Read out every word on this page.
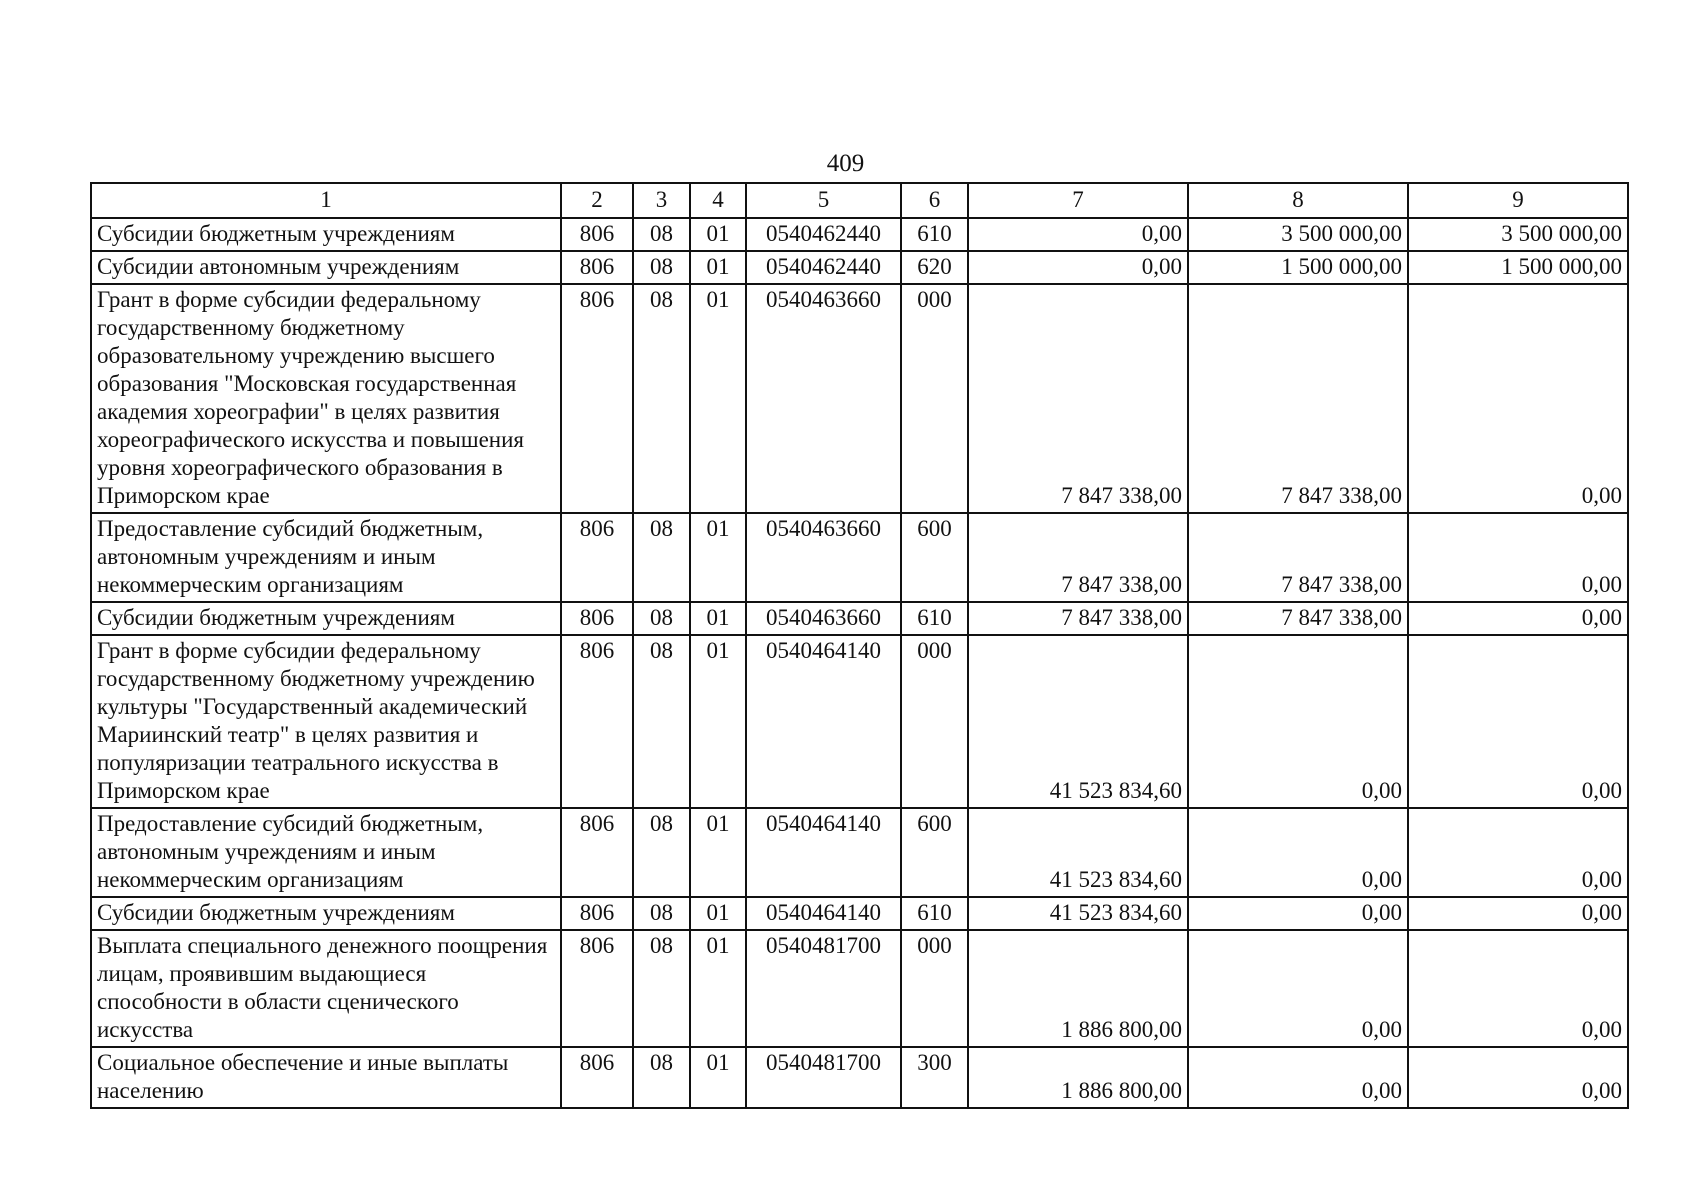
409
1	2	3	4	5	6	7	8	9
Субсидии бюджетным учреждениям	806	08	01	0540462440	610	0,00	3 500 000,00	3 500 000,00
Субсидии автономным учреждениям	806	08	01	0540462440	620	0,00	1 500 000,00	1 500 000,00
Грант в форме субсидии федеральному государственному бюджетному образовательному учреждению высшего образования "Московская государственная академия хореографии" в целях развития хореографического искусства и повышения уровня хореографического образования в Приморском крае	806	08	01	0540463660	000	7 847 338,00	7 847 338,00	0,00
Предоставление субсидий бюджетным, автономным учреждениям и иным некоммерческим организациям	806	08	01	0540463660	600	7 847 338,00	7 847 338,00	0,00
Субсидии бюджетным учреждениям	806	08	01	0540463660	610	7 847 338,00	7 847 338,00	0,00
Грант в форме субсидии федеральному государственному бюджетному учреждению культуры "Государственный академический Мариинский театр" в целях развития и популяризации театрального искусства в Приморском крае	806	08	01	0540464140	000	41 523 834,60	0,00	0,00
Предоставление субсидий бюджетным, автономным учреждениям и иным некоммерческим организациям	806	08	01	0540464140	600	41 523 834,60	0,00	0,00
Субсидии бюджетным учреждениям	806	08	01	0540464140	610	41 523 834,60	0,00	0,00
Выплата специального денежного поощрения лицам, проявившим выдающиеся способности в области сценического искусства	806	08	01	0540481700	000	1 886 800,00	0,00	0,00
Социальное обеспечение и иные выплаты населению	806	08	01	0540481700	300	1 886 800,00	0,00	0,00
